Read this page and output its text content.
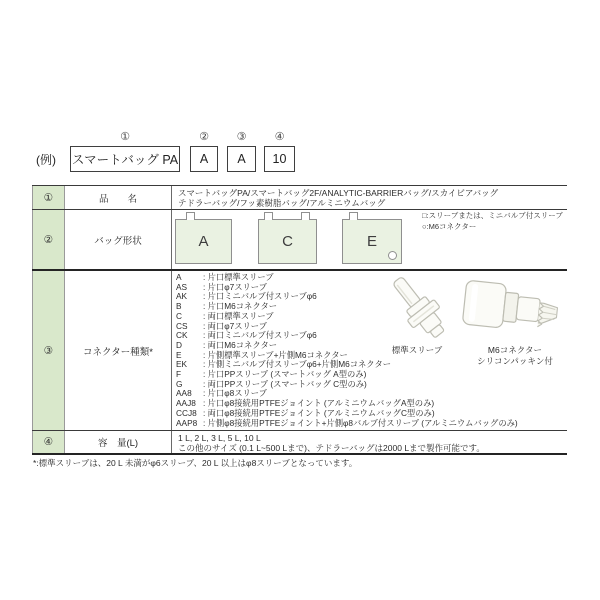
(例)
①
スマートバッグ PA
②
A
③
A
④
10
①	品　　名
スマートバッグPA/スマートバッグ2F/ANALYTIC-BARRIERバッグ/スカイビアバッグ
テドラーバッグ/フッ素樹脂バッグ/アルミニウムバッグ
②	バッグ形状	A	C	E
□:スリーブまたは、ミニバルブ付スリーブ
○:M6コネクター
③	コネクター種類*
A	: 片口標準スリーブ
AS	: 片口φ7スリーブ
AK	: 片口ミニバルブ付スリーブφ6
B	: 片口M6コネクター
C	: 両口標準スリーブ
CS	: 両口φ7スリーブ
CK	: 両口ミニバルブ付スリーブφ6
D	: 両口M6コネクター
E	: 片側標準スリーブ+片側M6コネクター
EK	: 片側ミニバルブ付スリーブφ6+片側M6コネクター
F	: 片口PPスリーブ (スマートバッグ A型のみ)
G	: 両口PPスリーブ (スマートバッグ C型のみ)
AA8	: 片口φ8スリーブ
AAJ8 : 片口φ8接続用PTFEジョイント (アルミニウムバッグA型のみ)
CCJ8 : 両口φ8接続用PTFEジョイント (アルミニウムバッグC型のみ)
AAP8 : 片側φ8接続用PTFEジョイント+片側φ8バルブ付スリーブ (アルミニウムバッグのみ)
標準スリーブ	M6コネクター
シリコンパッキン付
④	容　量(L)	1 L, 2 L, 3 L, 5 L, 10 L
この他のサイズ (0.1 L~500 Lまで)、テドラーバッグは2000 Lまで製作可能です。
*:標準スリーブは、20 L 未満がφ6スリーブ、20 L 以上はφ8スリーブとなっています。
